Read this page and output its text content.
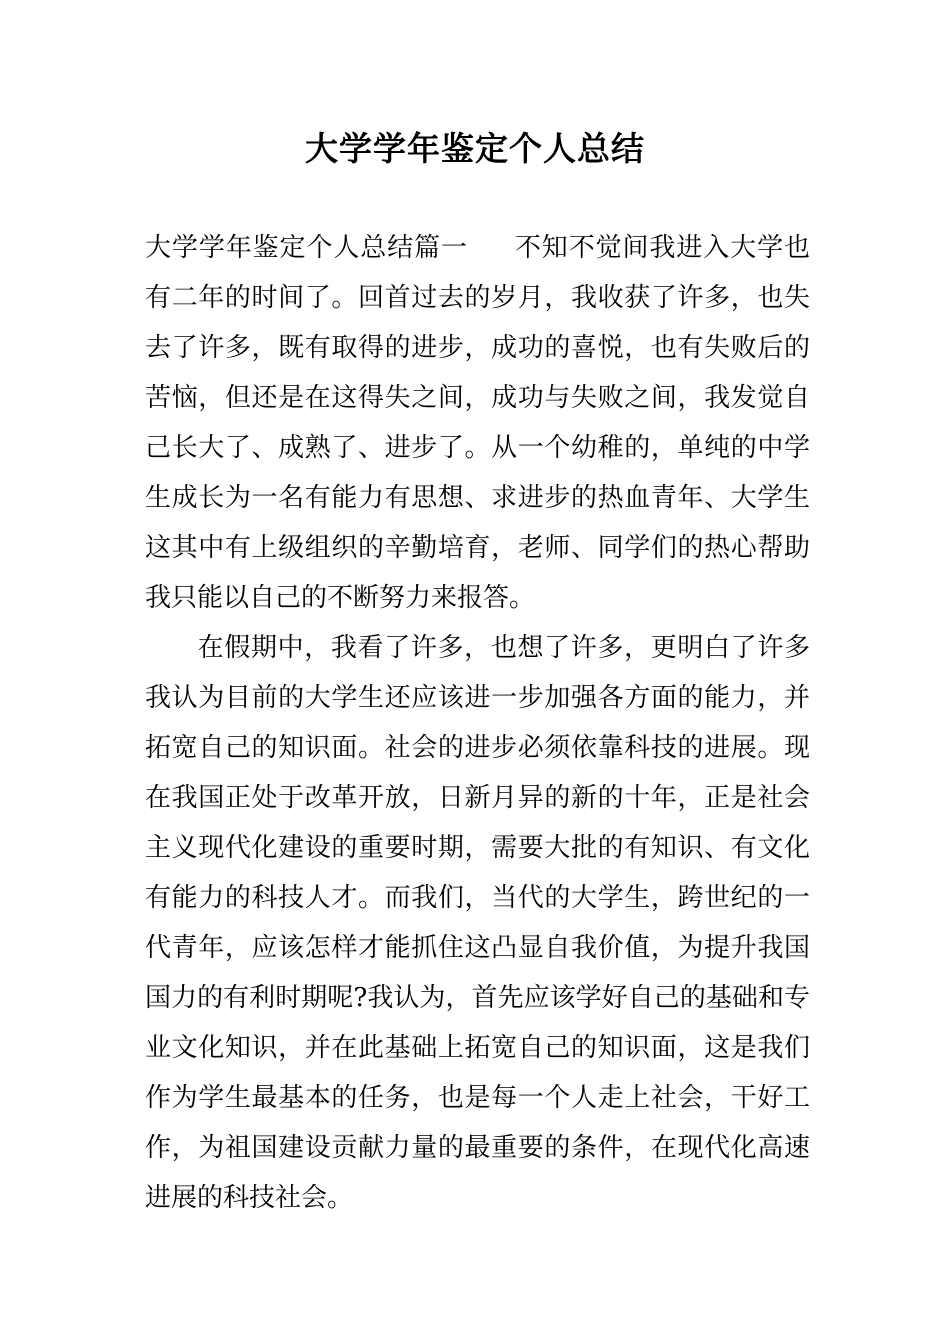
大学学年鉴定个人总结
大学学年鉴定个人总结篇一 不知不觉间我进入大学也
有二年的时间了。回首过去的岁月，我收获了许多，也失
去了许多，既有取得的进步，成功的喜悦，也有失败后的
苦恼，但还是在这得失之间，成功与失败之间，我发觉自
己长大了、成熟了、进步了。从一个幼稚的，单纯的中学
生成长为一名有能力有思想、求进步的热血青年、大学生
这其中有上级组织的辛勤培育，老师、同学们的热心帮助
我只能以自己的不断努力来报答。
在假期中，我看了许多，也想了许多，更明白了许多
我认为目前的大学生还应该进一步加强各方面的能力，并
拓宽自己的知识面。社会的进步必须依靠科技的进展。现
在我国正处于改革开放，日新月异的新的十年，正是社会
主义现代化建设的重要时期，需要大批的有知识、有文化
有能力的科技人才。而我们，当代的大学生，跨世纪的一
代青年，应该怎样才能抓住这凸显自我价值，为提升我国
国力的有利时期呢?我认为，首先应该学好自己的基础和专
业文化知识，并在此基础上拓宽自己的知识面，这是我们
作为学生最基本的任务，也是每一个人走上社会，干好工
作，为祖国建设贡献力量的最重要的条件，在现代化高速
进展的科技社会。
